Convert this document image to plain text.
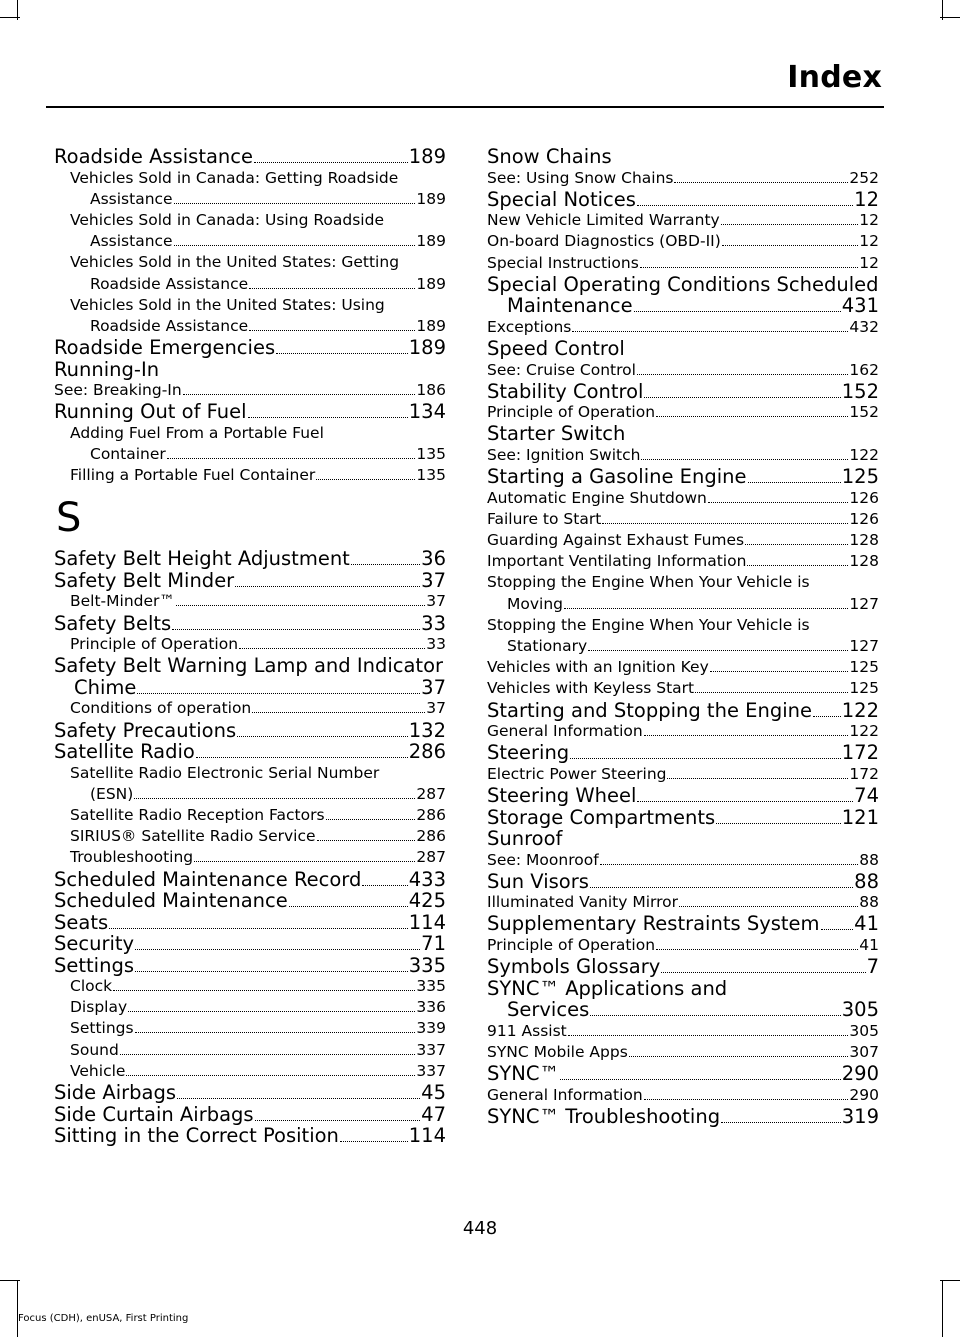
Index
Roadside Assistance	189
Vehicles Sold in Canada: Getting Roadside
Assistance	189
Vehicles Sold in Canada: Using Roadside
Assistance	189
Vehicles Sold in the United States: Getting
Roadside Assistance	189
Vehicles Sold in the United States: Using
Roadside Assistance	189
Roadside Emergencies	189
Running-In
See: Breaking-In	186
Running Out of Fuel	134
Adding Fuel From a Portable Fuel
Container	135
Filling a Portable Fuel Container	135
S
Safety Belt Height Adjustment	36
Safety Belt Minder	37
Belt-Minder™	37
Safety Belts	33
Principle of Operation	33
Safety Belt Warning Lamp and Indicator
Chime	37
Conditions of operation	37
Safety Precautions	132
Satellite Radio	286
Satellite Radio Electronic Serial Number
(ESN)	287
Satellite Radio Reception Factors	286
SIRIUS® Satellite Radio Service	286
Troubleshooting	287
Scheduled Maintenance Record 433
Scheduled Maintenance	425
Seats	114
Security	71
Settings	335
Clock	335
Display	336
Settings	339
Sound	337
Vehicle	337
Side Airbags	45
Side Curtain Airbags	47
Sitting in the Correct Position	114
Snow Chains
See: Using Snow Chains	252
Special Notices	12
New Vehicle Limited Warranty	12
On-board Diagnostics (OBD-II)	12
Special Instructions	12
Special Operating Conditions Scheduled
Maintenance	431
Exceptions	432
Speed Control
See: Cruise Control	162
Stability Control	152
Principle of Operation	152
Starter Switch
See: Ignition Switch	122
Starting a Gasoline Engine	125
Automatic Engine Shutdown	126
Failure to Start	126
Guarding Against Exhaust Fumes	128
Important Ventilating Information	128
Stopping the Engine When Your Vehicle is
Moving	127
Stopping the Engine When Your Vehicle is
Stationary	127
Vehicles with an Ignition Key	125
Vehicles with Keyless Start	125
Starting and Stopping the Engine 122
General Information	122
Steering	172
Electric Power Steering	172
Steering Wheel	74
Storage Compartments	121
Sunroof
See: Moonroof	88
Sun Visors	88
Illuminated Vanity Mirror	88
Supplementary Restraints System 41
Principle of Operation	41
Symbols Glossary	7
SYNC™ Applications and
Services	305
911 Assist	305
SYNC Mobile Apps	307
SYNC™	290
General Information	290
SYNC™ Troubleshooting	319
448
Focus (CDH), enUSA, First Printing
